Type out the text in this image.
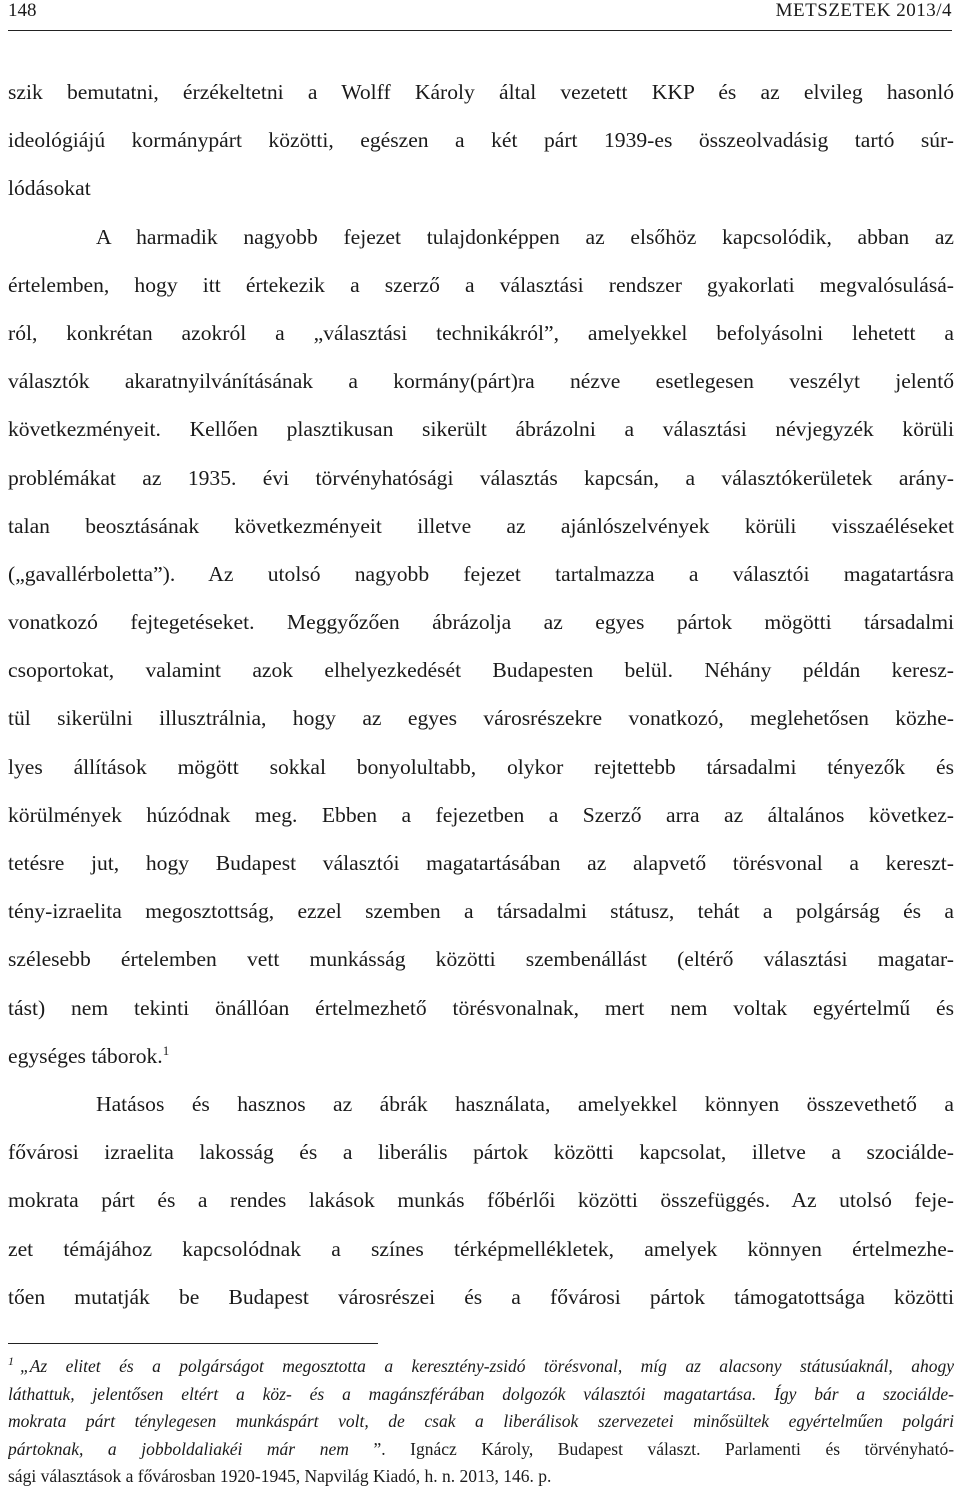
148	METSZETEK 2013/4
szik bemutatni, érzékeltetni a Wolff Károly által vezetett KKP és az elvileg hasonló
ideológiájú kormánypárt közötti, egészen a két párt 1939-es összeolvadásig tartó súr-
lódásokat
A harmadik nagyobb fejezet tulajdonképpen az elsőhöz kapcsolódik, abban az
értelemben, hogy itt értekezik a szerző a választási rendszer gyakorlati megvalósulásá-
ról, konkrétan azokról a „választási technikákról”, amelyekkel befolyásolni lehetett a
választók akaratnyilvánításának a kormány(párt)ra nézve esetlegesen veszélyt jelentő
következményeit. Kellően plasztikusan sikerült ábrázolni a választási névjegyzék körüli
problémákat az 1935. évi törvényhatósági választás kapcsán, a választókerületek arány-
talan beosztásának következményeit illetve az ajánlószelvények körüli visszaéléseket
(„gavallérboletta”). Az utolsó nagyobb fejezet tartalmazza a választói magatartásra
vonatkozó fejtegetéseket. Meggyőzően ábrázolja az egyes pártok mögötti társadalmi
csoportokat, valamint azok elhelyezkedését Budapesten belül. Néhány példán keresz-
tül sikerülni illusztrálnia, hogy az egyes városrészekre vonatkozó, meglehetősen közhe-
lyes állítások mögött sokkal bonyolultabb, olykor rejtettebb társadalmi tényezők és
körülmények húzódnak meg. Ebben a fejezetben a Szerző arra az általános következ-
tetésre jut, hogy Budapest választói magatartásában az alapvető törésvonal a kereszt-
tény-izraelita megosztottság, ezzel szemben a társadalmi státusz, tehát a polgárság és a
szélesebb értelemben vett munkásság közötti szembenállást (eltérő választási magatar-
tást) nem tekinti önállóan értelmezhető törésvonalnak, mert nem voltak egyértelmű és
egységes táborok.$^1$
Hatásos és hasznos az ábrák használata, amelyekkel könnyen összevethető a
fővárosi izraelita lakosság és a liberális pártok közötti kapcsolat, illetve a szociálde-
mokrata párt és a rendes lakások munkás főbérlői közötti összefüggés. Az utolsó feje-
zet témájához kapcsolódnak a színes térképmellékletek, amelyek könnyen értelmezhe-
tően mutatják be Budapest városrészei és a fővárosi pártok támogatottsága közötti
$^1$ „Az elitet és a polgárságot megosztotta a keresztény-zsidó törésvonal, míg az alacsony státusúaknál, ahogy
láthattuk, jelentősen eltért a köz- és a magánszférában dolgozók választói magatartása. Így bár a szociálde-
mokrata párt ténylegesen munkáspárt volt, de csak a liberálisok szervezetei minősültek egyértelműen polgári
pártoknak, a jobboldaliakéi már nem ”. Ignácz Károly, Budapest választ. Parlamenti és törvényható-
sági választások a fővárosban 1920-1945, Napvilág Kiadó, h. n. 2013, 146. p.
